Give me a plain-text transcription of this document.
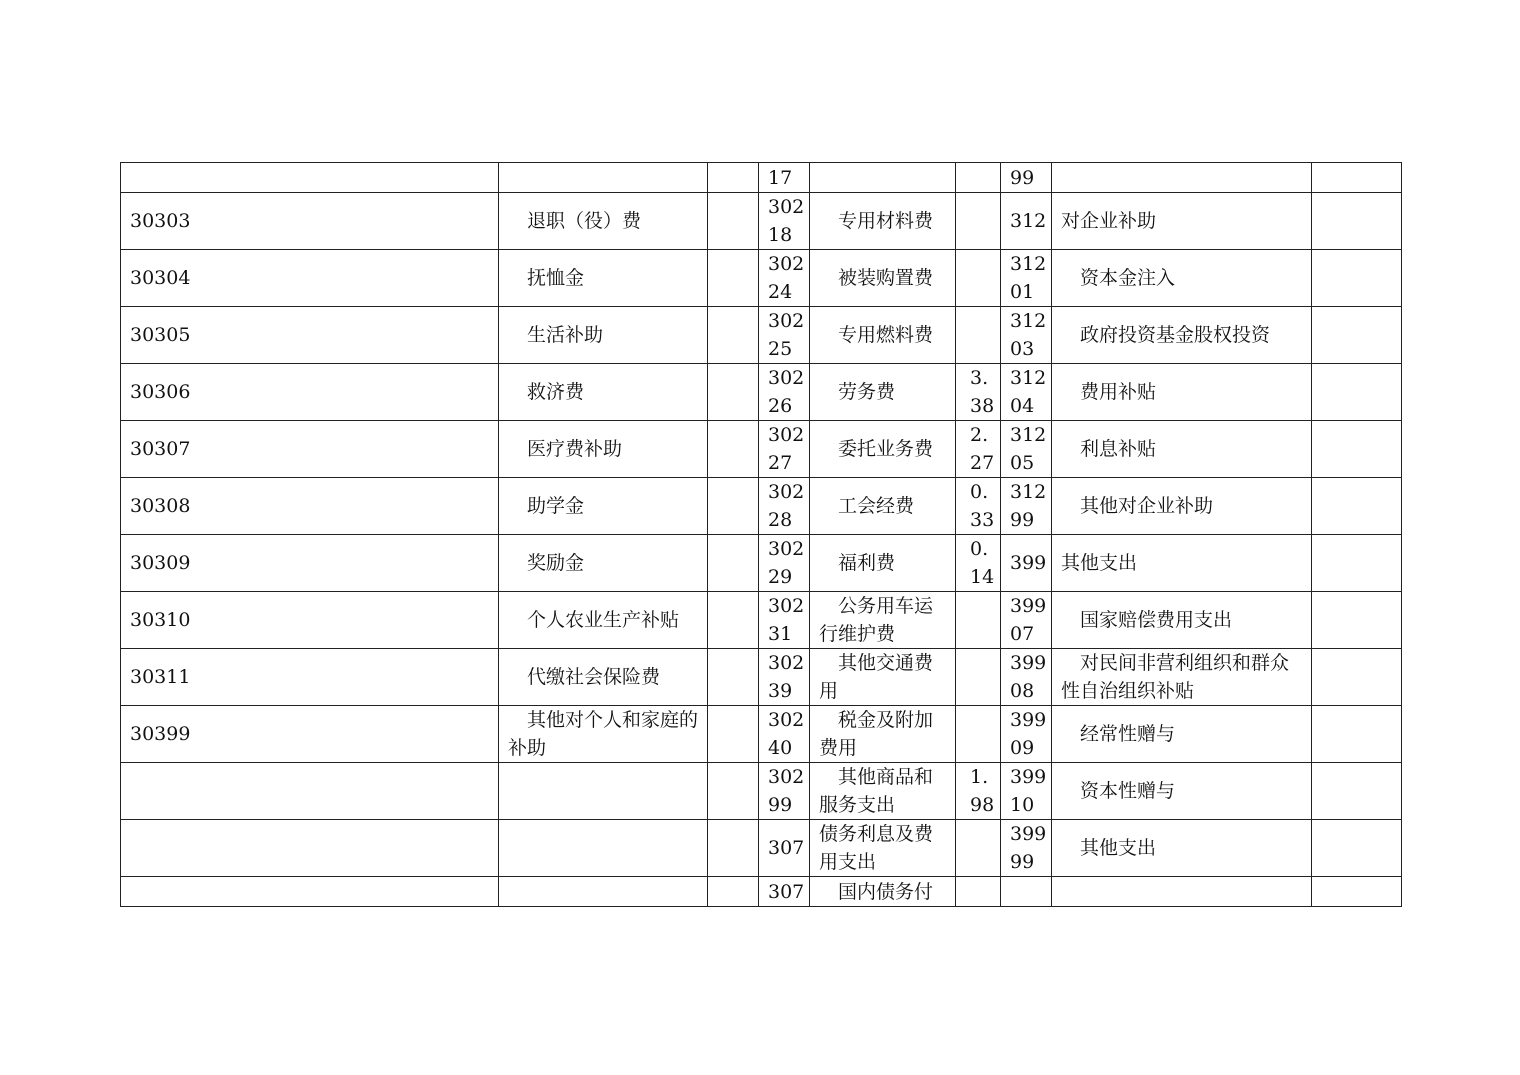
			17			99		
30303	退职（役）费		30218	专用材料费		312	对企业补助	
30304	抚恤金		30224	被装购置费		31201	资本金注入	
30305	生活补助		30225	专用燃料费		31203	政府投资基金股权投资	
30306	救济费		30226	劳务费	3.38	31204	费用补贴	
30307	医疗费补助		30227	委托业务费	2.27	31205	利息补贴	
30308	助学金		30228	工会经费	0.33	31299	其他对企业补助	
30309	奖励金		30229	福利费	0.14	399	其他支出	
30310	个人农业生产补贴		30231	公务用车运行维护费		39907	国家赔偿费用支出	
30311	代缴社会保险费		30239	其他交通费用		39908	对民间非营利组织和群众性自治组织补贴	
30399	其他对个人和家庭的补助		30240	税金及附加费用		39909	经常性赠与	
			30299	其他商品和服务支出	1.98	39910	资本性赠与	
			307	债务利息及费用支出		39999	其他支出	
			307	国内债务付				
